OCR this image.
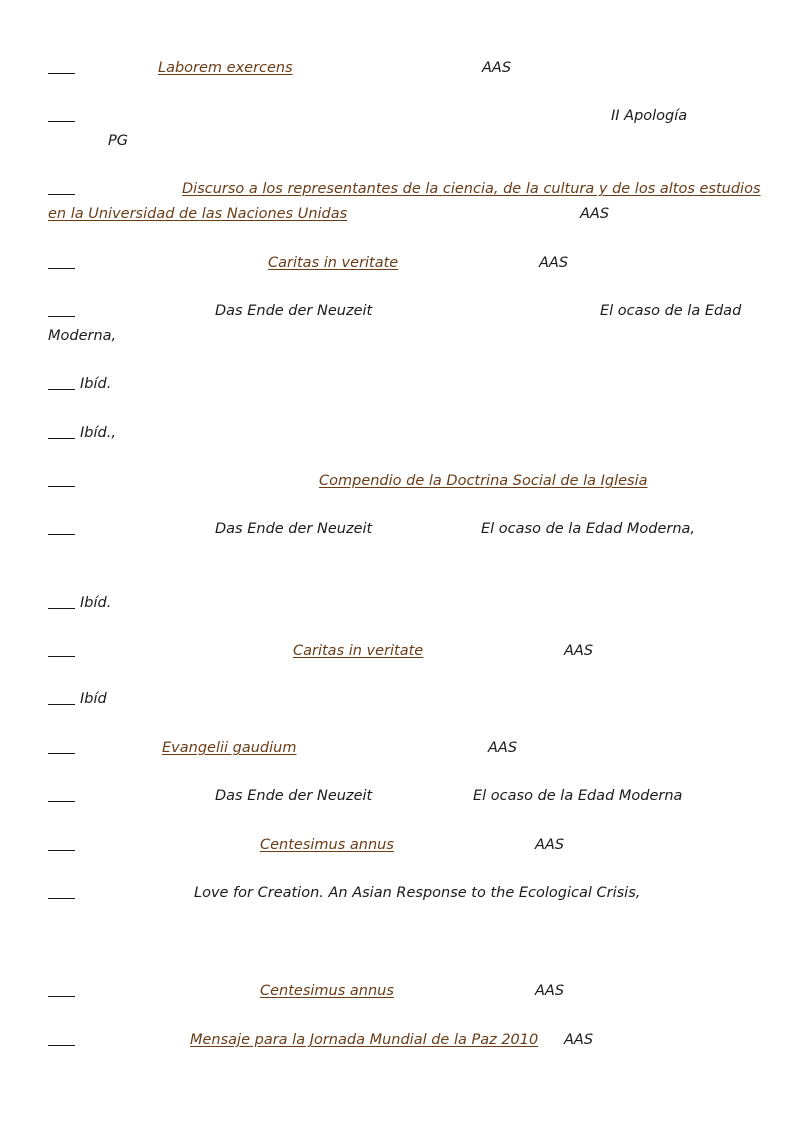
Laborem exercens	AAS
II Apología
PG
Discurso a los representantes de la ciencia, de la cultura y de los altos estudios
en la Universidad de las Naciones Unidas	AAS
Caritas in veritate	AAS
Das Ende der Neuzeit	El ocaso de la Edad
Moderna,
Ibíd.
Ibíd.,
Compendio de la Doctrina Social de la Iglesia
Das Ende der Neuzeit	El ocaso de la Edad Moderna,
Ibíd.
Caritas in veritate	AAS
Ibíd
Evangelii gaudium	AAS
Das Ende der Neuzeit	El ocaso de la Edad Moderna
Centesimus annus	AAS
Love for Creation. An Asian Response to the Ecological Crisis,
Centesimus annus	AAS
Mensaje para la Jornada Mundial de la Paz 2010 AAS
